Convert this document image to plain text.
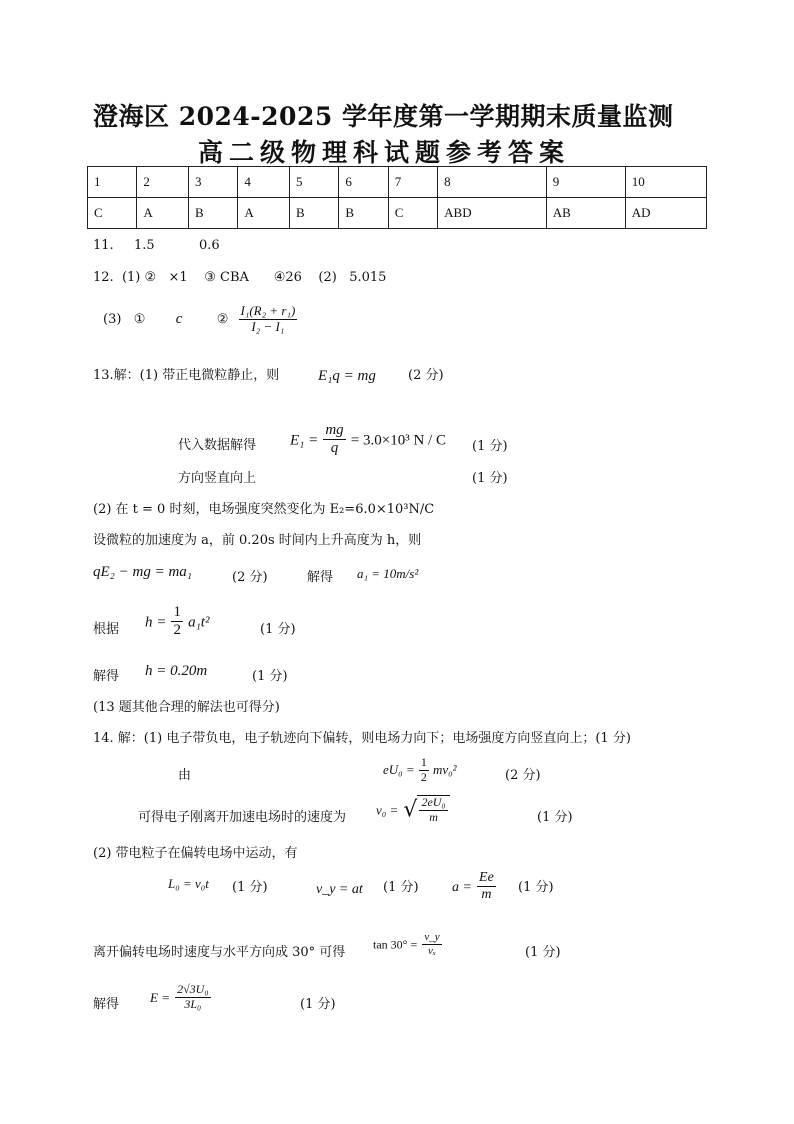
澄海区 2024-2025 学年度第一学期期末质量监测
高二级物理科试题参考答案
1	2	3	4	5	6	7	8	9	10
C	A	B	A	B	B	C	ABD	AB	AD
11. 1.5	0.6
12.  (1) ②   ×1    ③ CBA      ④26    (2)   5.015
(3)   ① c	② $\frac{\text{I₁(R₂ + r₁)}}{\text{I₂ − I₁}}$
13.解：(1) 带正电微粒静止，则	E₁q = mg (2 分)
代入数据解得 $E_1 = \frac{mg}{q} = 3.0\times 10^3$ N / C (1 分)
方向竖直向上	(1 分)
(2) 在 t = 0 时刻，电场强度突然变化为 E₂=6.0×10³N/C
设微粒的加速度为 a，前 0.20s 时间内上升高度为 h，则
qE₂ − mg = ma₁	(2 分)	解得 a₁ = 10m/s²
根据 $h = \frac{1}{2} a_1t^2$	(1 分)
解得 h = 0.20m	(1 分)
(13 题其他合理的解法也可得分)
14. 解：(1) 电子带负电，电子轨迹向下偏转，则电场力向下；电场强度方向竖直向上；(1 分)
由	$eU_0 = \frac{1}{2} mv_0^2$	(2 分)
可得电子刚离开加速电场时的速度为
v₀ = √ $\frac{\text{2eU₀}}{m}$	(1 分)
(2) 带电粒子在偏转电场中运动，有
L₀ = v₀t (1 分)	v_y = at (1 分) $a = \frac{Ee}{m} (1$ 分)
离开偏转电场时速度与水平方向成 30° 可得
$\tan 30^\circ = \frac{v\_y}{\text{vₓ}}$	(1 分)
解得 $E = \frac{\text{2√3U₀}}{\text{3L₀}}$	(1 分)
